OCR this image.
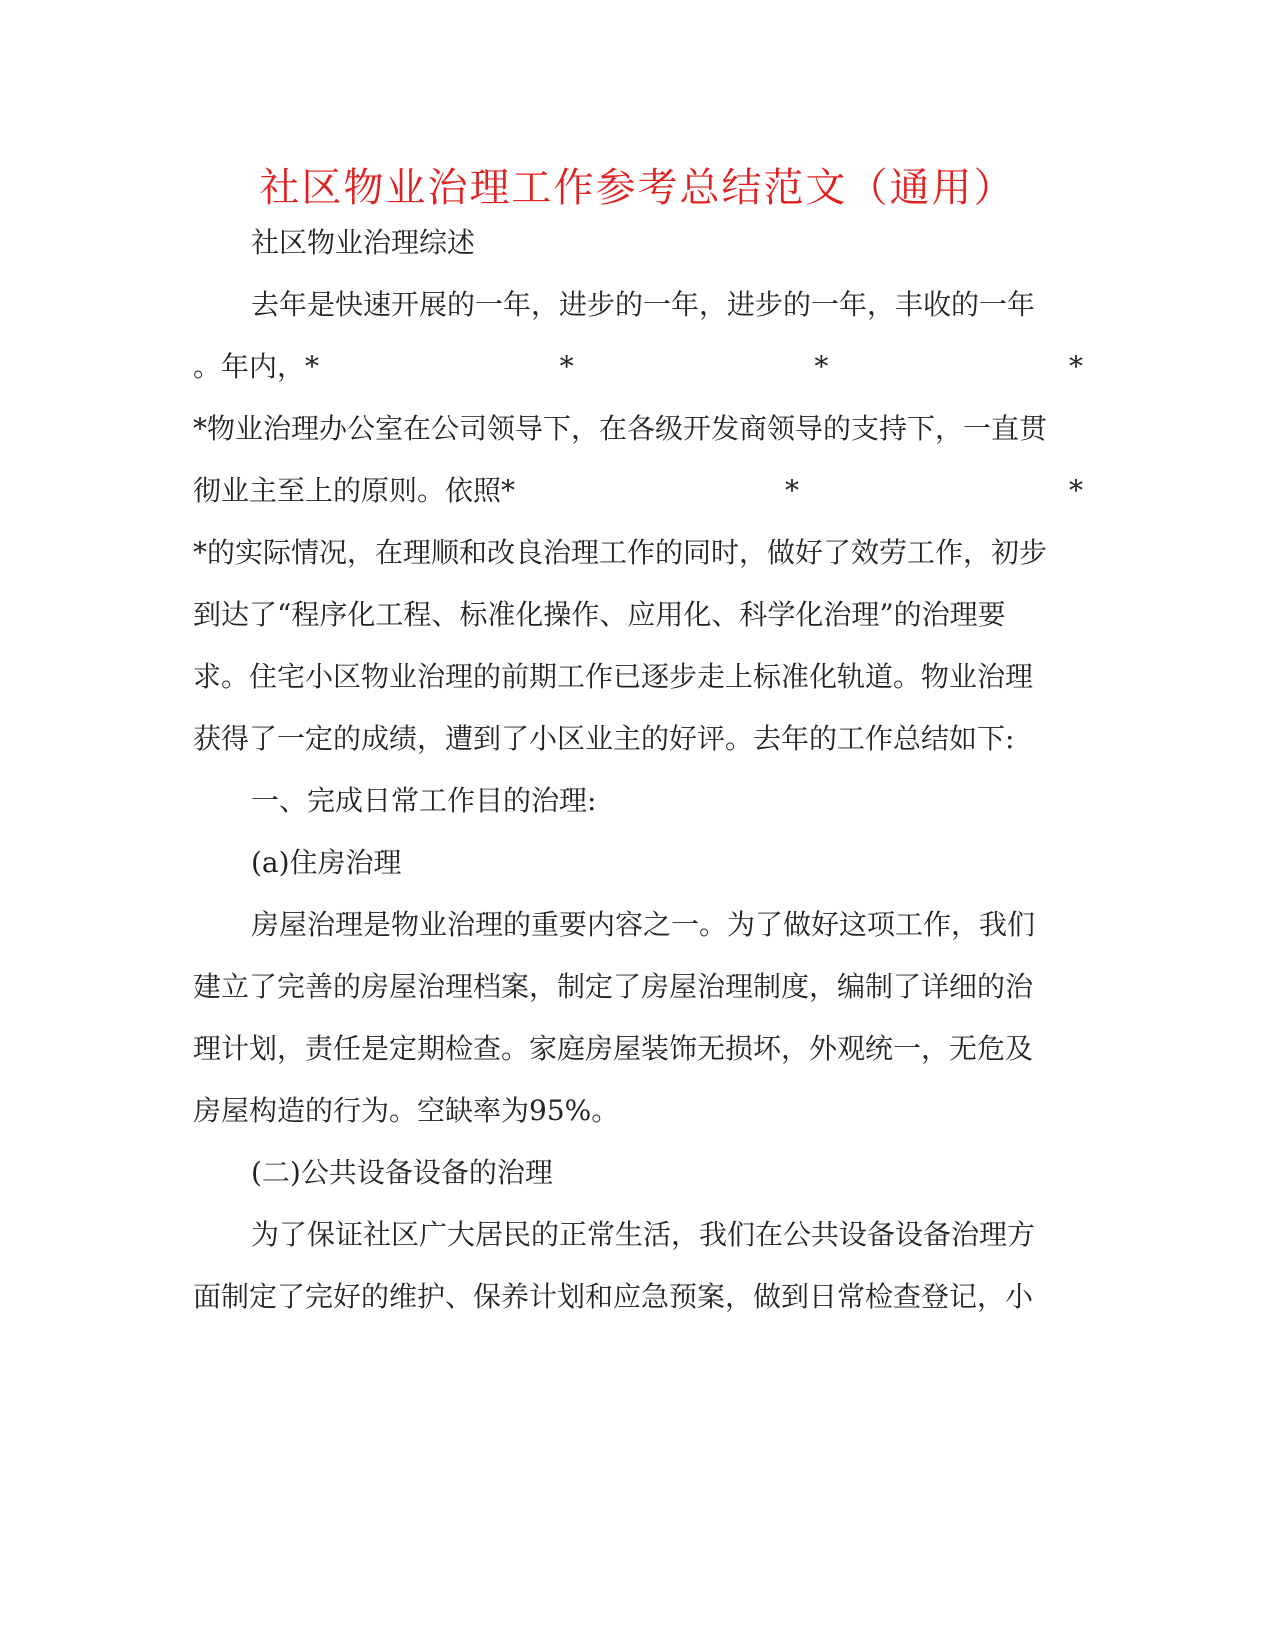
社区物业治理工作参考总结范文（通用）
社区物业治理综述
去年是快速开展的一年，进步的一年，进步的一年，丰收的一年
。年内，*	*	*	*
*物业治理办公室在公司领导下，在各级开发商领导的支持下，一直贯
彻业主至上的原则。依照*	*	*
*的实际情况，在理顺和改良治理工作的同时，做好了效劳工作，初步
到达了“程序化工程、标准化操作、应用化、科学化治理”的治理要
求。住宅小区物业治理的前期工作已逐步走上标准化轨道。物业治理
获得了一定的成绩，遭到了小区业主的好评。去年的工作总结如下:
一、完成日常工作目的治理:
(a)住房治理
房屋治理是物业治理的重要内容之一。为了做好这项工作，我们
建立了完善的房屋治理档案，制定了房屋治理制度，编制了详细的治
理计划，责任是定期检查。家庭房屋装饰无损坏，外观统一，无危及
房屋构造的行为。空缺率为95%。
(二)公共设备设备的治理
为了保证社区广大居民的正常生活，我们在公共设备设备治理方
面制定了完好的维护、保养计划和应急预案，做到日常检查登记，小
